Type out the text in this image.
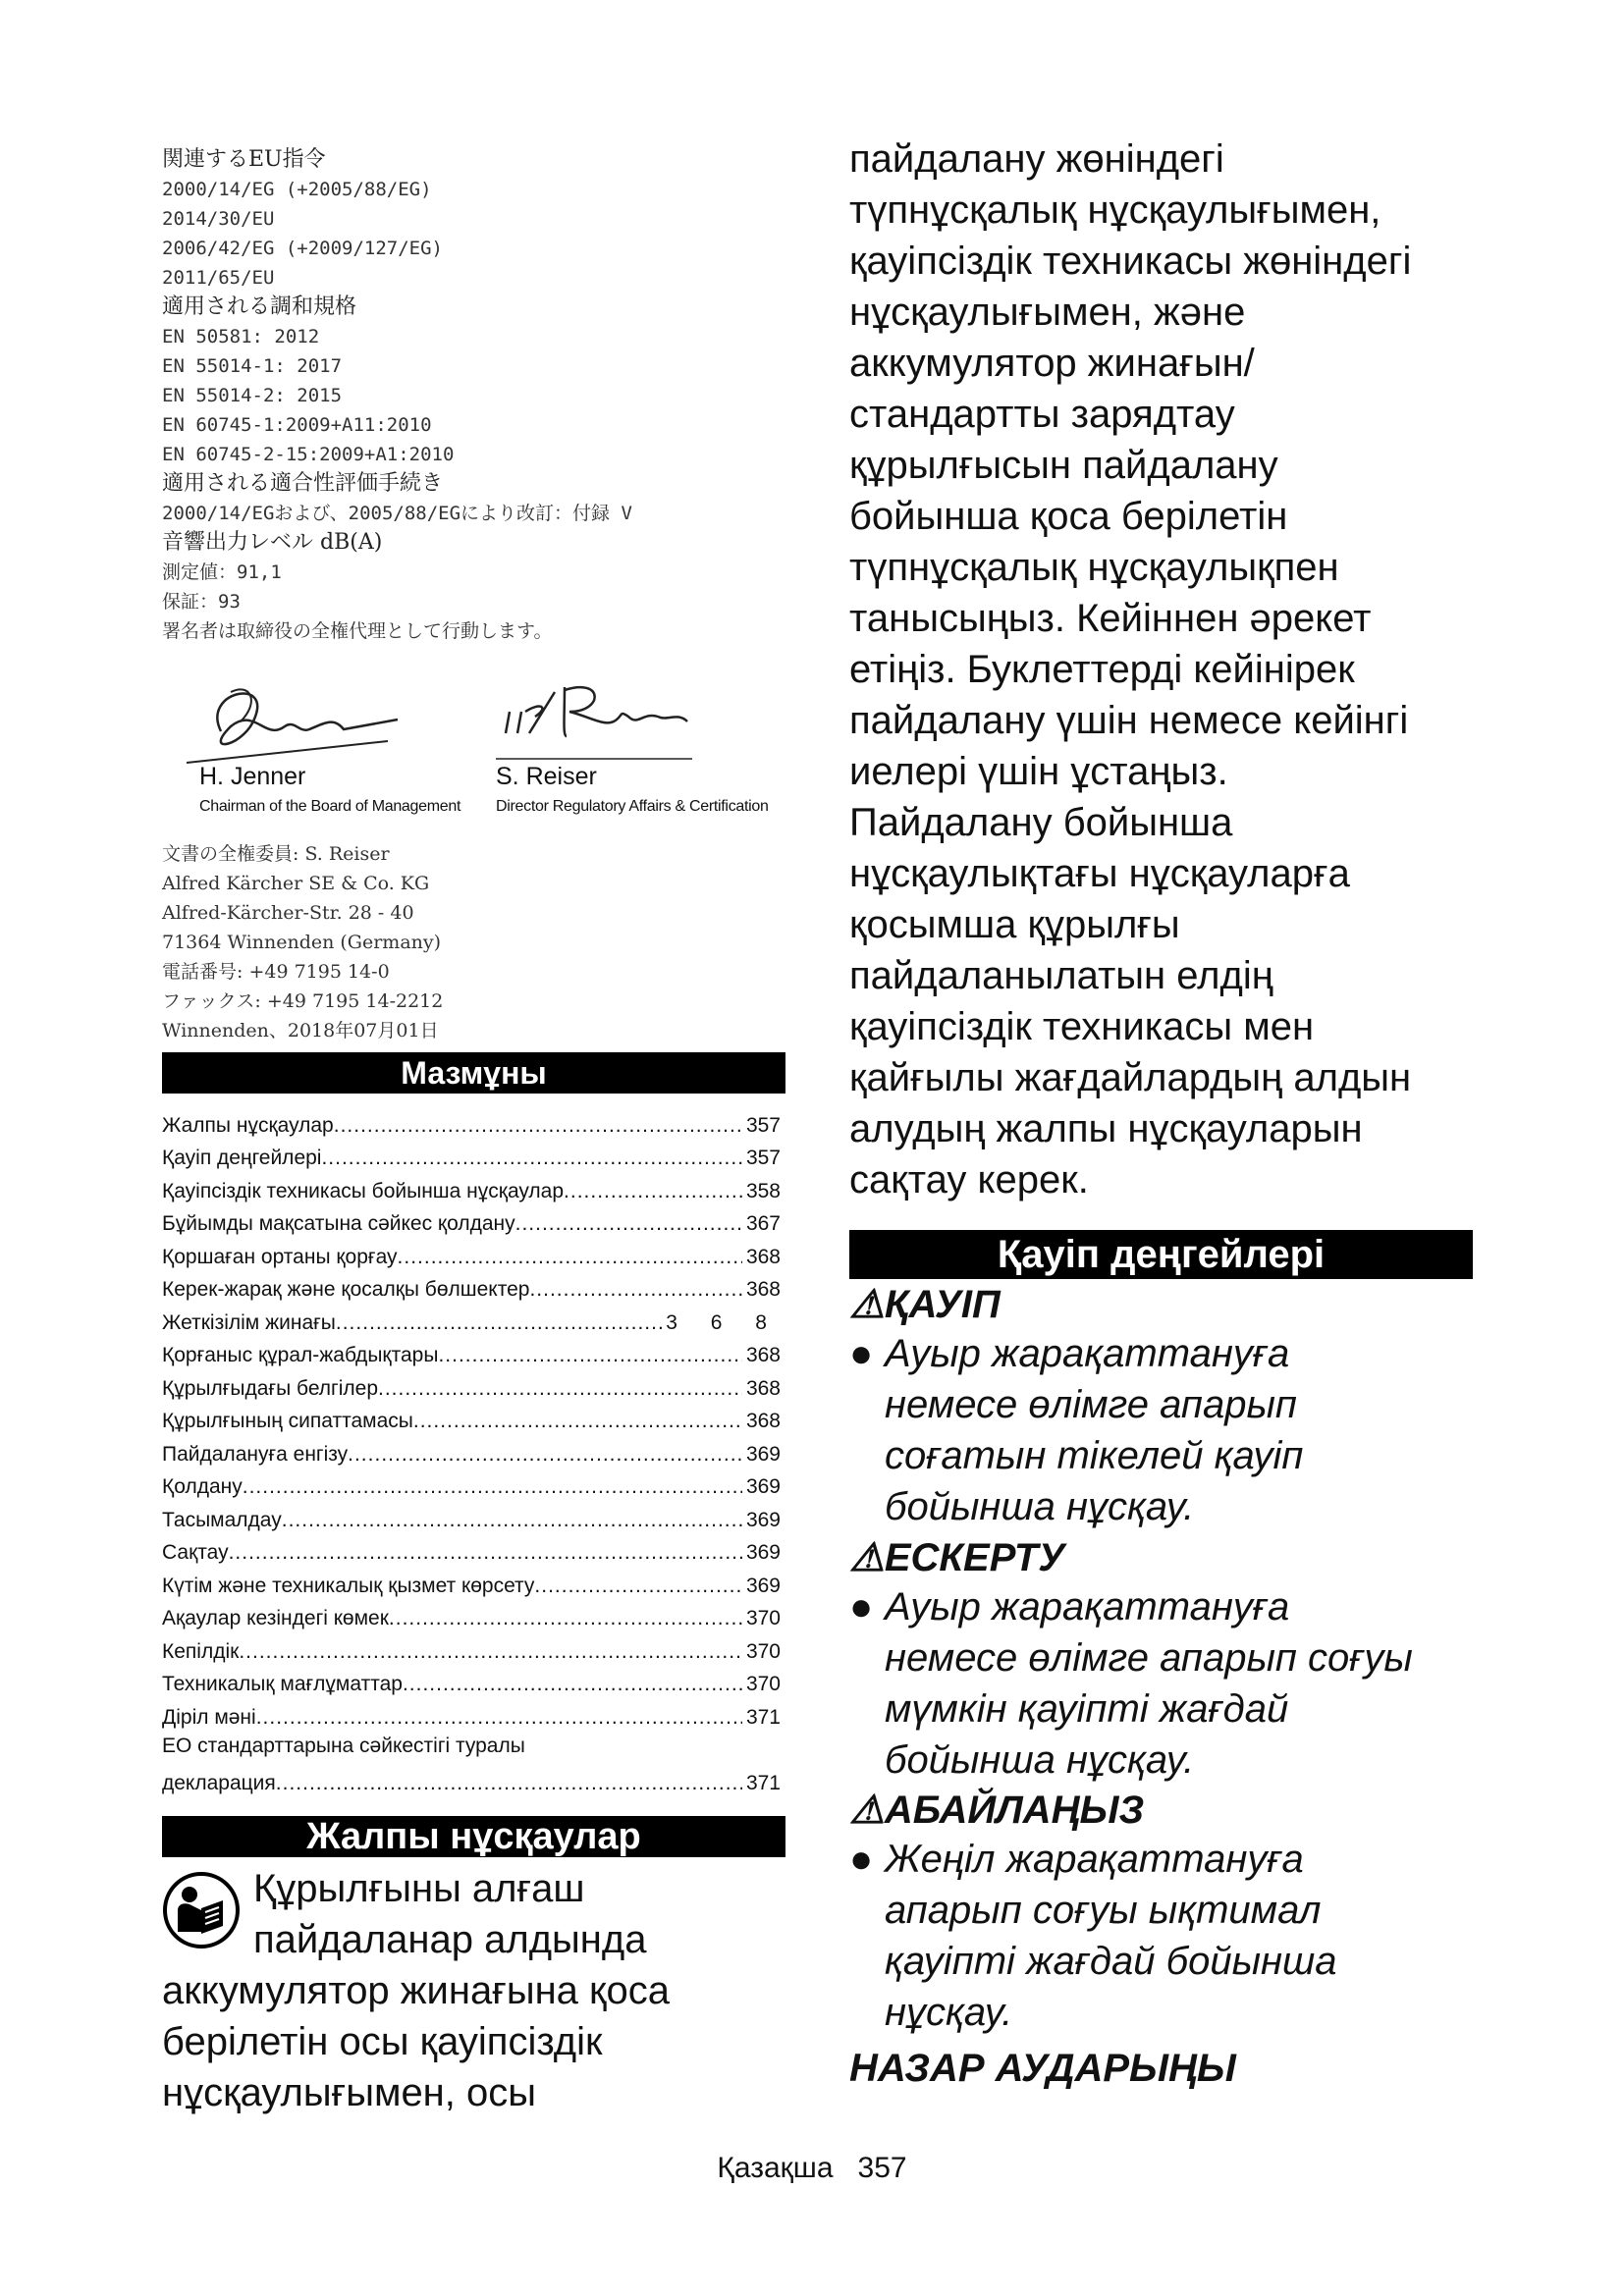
関連するEU指令
2000/14/EG (+2005/88/EG)
2014/30/EU
2006/42/EG (+2009/127/EG)
2011/65/EU
適用される調和規格
EN 50581: 2012
EN 55014-1: 2017
EN 55014-2: 2015
EN 60745-1:2009+A11:2010
EN 60745-2-15:2009+A1:2010
適用される適合性評価手続き
2000/14/EGおよび、2005/88/EGにより改訂：付録 V
音響出力レベル dB(A)
測定値：91,1
保証：93
署名者は取締役の全権代理として行動します。
H. Jenner
Chairman of the Board of Management
S. Reiser
Director Regulatory Affairs & Certification
文書の全権委員: S. Reiser
Alfred Kärcher SE & Co. KG
Alfred-Kärcher-Str. 28 - 40
71364 Winnenden (Germany)
電話番号: +49 7195 14-0
ファックス: +49 7195 14-2212
Winnenden、2018年07月01日
Мазмұны
Жалпы нұсқаулар .....	357
Қауіп деңгейлері .....	357
Қауіпсіздік техникасы бойынша нұсқаулар .....	358
Бұйымды мақсатына сәйкес қолдану .....	367
Қоршаған ортаны қорғау .....	368
Керек-жарақ және қосалқы бөлшектер .....	368
Жеткізілім жинағы .....	3 6 8
Қорғаныс құрал-жабдықтары .....	368
Құрылғыдағы белгілер .....	368
Құрылғының сипаттамасы .....	368
Пайдалануға енгізу .....	369
Қолдану .....	369
Тасымалдау .....	369
Сақтау .....	369
Күтім және техникалық қызмет көрсету .....	369
Ақаулар кезіндегі көмек .....	370
Кепілдік .....	370
Техникалық мағлұматтар .....	370
Діріл мәні .....	371
ЕО стандарттарына сәйкестігі туралы
декларация .....	371
Жалпы нұсқаулар
Құрылғыны алғаш
пайдаланар алдында
аккумулятор жинағына қоса
берілетін осы қауіпсіздік
нұсқаулығымен, осы
пайдалану жөніндегі
түпнұсқалық нұсқаулығымен,
қауіпсіздік техникасы жөніндегі
нұсқаулығымен, және
аккумулятор жинағын/
стандартты зарядтау
құрылғысын пайдалану
бойынша қоса берілетін
түпнұсқалық нұсқаулықпен
танысыңыз. Кейіннен әрекет
етіңіз. Буклеттерді кейінірек
пайдалану үшін немесе кейінгі
иелері үшін ұстаңыз.
Пайдалану бойынша
нұсқаулықтағы нұсқауларға
қосымша құрылғы
пайдаланылатын елдің
қауіпсіздік техникасы мен
қайғылы жағдайлардың алдын
алудың жалпы нұсқауларын
сақтау керек.
Қауіп деңгейлері
⚠ҚАУІП
● Ауыр жарақаттануға
немесе өлімге апарып
соғатын тікелей қауіп
бойынша нұсқау.
⚠ЕСКЕРТУ
● Ауыр жарақаттануға
немесе өлімге апарып соғуы
мүмкін қауіпті жағдай
бойынша нұсқау.
⚠АБАЙЛАҢЫЗ
● Жеңіл жарақаттануға
апарып соғуы ықтимал
қауіпті жағдай бойынша
нұсқау.
НАЗАР АУДАРЫҢЫ
Қазақша 357
